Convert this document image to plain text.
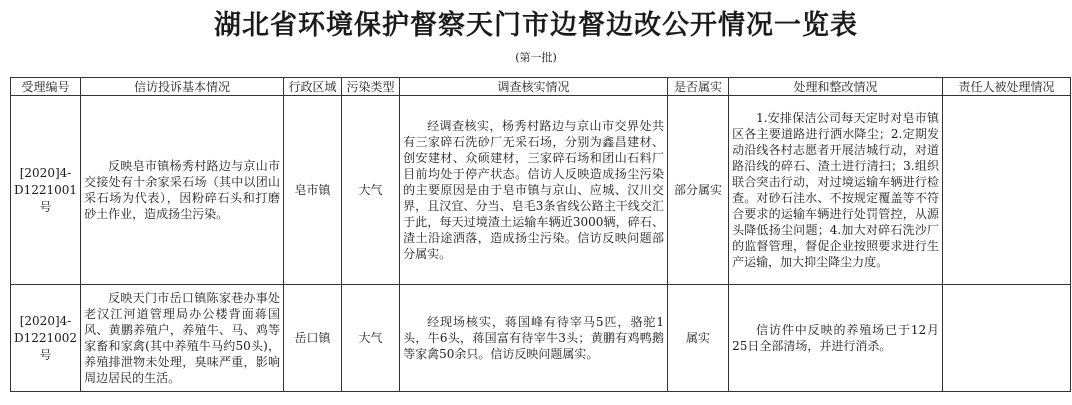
湖北省环境保护督察天门市边督边改公开情况一览表
(第一批)
受理编号	信访投诉基本情况	行政区域	污染类型	调查核实情况	是否属实	处理和整改情况	责任人被处理情况
[2020]4-D1221001号	反映皂市镇杨秀村路边与京山市交接处有十余家采石场（其中以团山采石场为代表），因粉碎石头和打磨砂土作业，造成扬尘污染。	皂市镇	大气	经调查核实，杨秀村路边与京山市交界处共有三家碎石洗砂厂无采石场，分别为鑫昌建材、创安建材、众硕建材，三家碎石场和团山石料厂目前均处于停产状态。信访人反映造成扬尘污染的主要原因是由于皂市镇与京山、应城、汉川交界，且汉宜、分当、皂毛3条省线公路主干线交汇于此，每天过境渣土运输车辆近3000辆，碎石、渣土沿途洒落，造成扬尘污染。信访反映问题部分属实。	部分属实	1.安排保洁公司每天定时对皂市镇区各主要道路进行洒水降尘；2.定期发动沿线各村志愿者开展洁城行动，对道路沿线的碎石、渣土进行清扫；3.组织联合突击行动，对过境运输车辆进行检查。对砂石洼水、不按规定覆盖等不符合要求的运输车辆进行处罚管控，从源头降低扬尘问题；4.加大对碎石洗沙厂的监督管理，督促企业按照要求进行生产运输，加大抑尘降尘力度。	

[2020]4-D1221002号	反映天门市岳口镇陈家巷办事处老汉江河道管理局办公楼背面蒋国风、黄鹏养殖户，养殖牛、马、鸡等家畜和家禽(其中养殖牛马约50头)，养殖排泄物未处理，臭味严重，影响周边居民的生活。	岳口镇	大气	经现场核实，蒋国峰有待宰马5匹，骆驼1头，牛6头，蒋国富有待宰牛3头；黄鹏有鸡鸭鹅等家禽50余只。信访反映问题属实。	属实	信访件中反映的养殖场已于12月25日全部清场，并进行消杀。	
